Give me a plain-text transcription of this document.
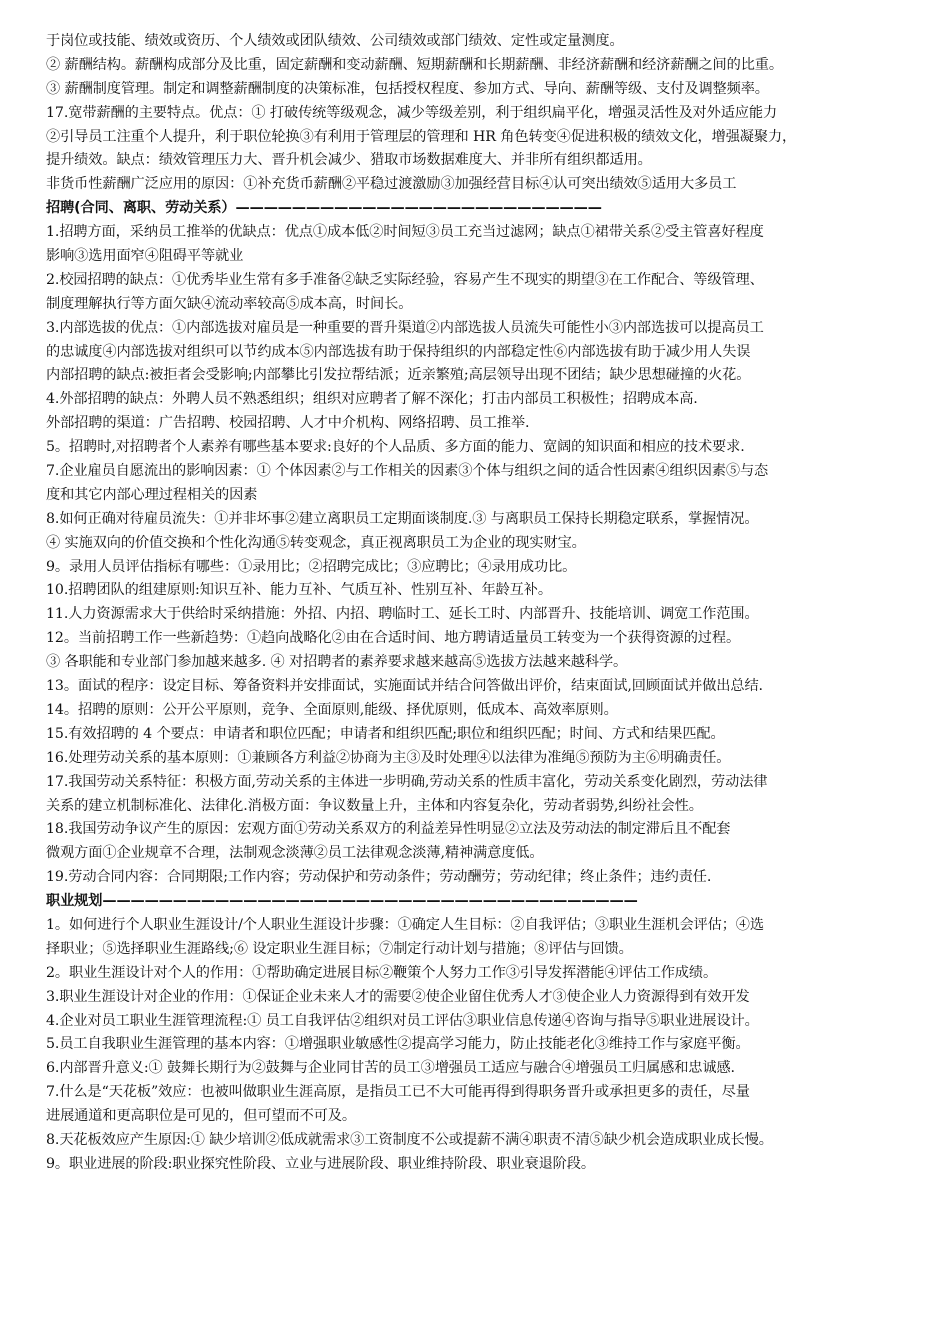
于岗位或技能、绩效或资历、个人绩效或团队绩效、公司绩效或部门绩效、定性或定量测度。
② 薪酬结构。薪酬构成部分及比重，固定薪酬和变动薪酬、短期薪酬和长期薪酬、非经济薪酬和经济薪酬之间的比重。
③ 薪酬制度管理。制定和调整薪酬制度的决策标准，包括授权程度、参加方式、导向、薪酬等级、支付及调整频率。
17.宽带薪酬的主要特点。优点：① 打破传统等级观念，减少等级差别，利于组织扁平化，增强灵活性及对外适应能力
②引导员工注重个人提升，利于职位轮换③有利用于管理层的管理和 HR 角色转变④促进积极的绩效文化，增强凝聚力，
提升绩效。缺点：绩效管理压力大、晋升机会减少、猎取市场数据难度大、并非所有组织都适用。
非货币性薪酬广泛应用的原因：①补充货币薪酬②平稳过渡激励③加强经营目标④认可突出绩效⑤适用大多员工
招聘(合同、离职、劳动关系）——————————————————————————
1.招聘方面，采纳员工推举的优缺点：优点①成本低②时间短③员工充当过滤网；缺点①裙带关系②受主管喜好程度
影响③选用面窄④阻碍平等就业
2.校园招聘的缺点：①优秀毕业生常有多手准备②缺乏实际经验，容易产生不现实的期望③在工作配合、等级管理、
制度理解执行等方面欠缺④流动率较高⑤成本高，时间长。
3.内部选拔的优点：①内部选拔对雇员是一种重要的晋升渠道②内部选拔人员流失可能性小③内部选拔可以提高员工
的忠诚度④内部选拔对组织可以节约成本⑤内部选拔有助于保持组织的内部稳定性⑥内部选拔有助于减少用人失误
内部招聘的缺点:被拒者会受影响;内部攀比引发拉帮结派；近亲繁殖;高层领导出现不团结；缺少思想碰撞的火花。
4.外部招聘的缺点：外聘人员不熟悉组织；组织对应聘者了解不深化；打击内部员工积极性；招聘成本高.
外部招聘的渠道：广告招聘、校园招聘、人才中介机构、网络招聘、员工推举.
5。招聘时,对招聘者个人素养有哪些基本要求:良好的个人品质、多方面的能力、宽阔的知识面和相应的技术要求.
7.企业雇员自愿流出的影响因素：① 个体因素②与工作相关的因素③个体与组织之间的适合性因素④组织因素⑤与态
度和其它内部心理过程相关的因素
8.如何正确对待雇员流失：①并非坏事②建立离职员工定期面谈制度.③ 与离职员工保持长期稳定联系，掌握情况。
④ 实施双向的价值交换和个性化沟通⑤转变观念，真正视离职员工为企业的现实财宝。
9。录用人员评估指标有哪些：①录用比；②招聘完成比；③应聘比；④录用成功比。
10.招聘团队的组建原则:知识互补、能力互补、气质互补、性别互补、年龄互补。
11.人力资源需求大于供给时采纳措施：外招、内招、聘临时工、延长工时、内部晋升、技能培训、调宽工作范围。
12。当前招聘工作一些新趋势：①趋向战略化②由在合适时间、地方聘请适量员工转变为一个获得资源的过程。
③ 各职能和专业部门参加越来越多. ④ 对招聘者的素养要求越来越高⑤选拔方法越来越科学。
13。面试的程序：设定目标、筹备资料并安排面试，实施面试并结合问答做出评价，结束面试,回顾面试并做出总结.
14。招聘的原则：公开公平原则，竞争、全面原则,能级、择优原则，低成本、高效率原则。
15.有效招聘的 4 个要点：申请者和职位匹配；申请者和组织匹配;职位和组织匹配；时间、方式和结果匹配。
16.处理劳动关系的基本原则：①兼顾各方利益②协商为主③及时处理④以法律为准绳⑤预防为主⑥明确责任。
17.我国劳动关系特征：积极方面,劳动关系的主体进一步明确,劳动关系的性质丰富化，劳动关系变化剧烈，劳动法律
关系的建立机制标准化、法律化.消极方面：争议数量上升，主体和内容复杂化，劳动者弱势,纠纷社会性。
18.我国劳动争议产生的原因：宏观方面①劳动关系双方的利益差异性明显②立法及劳动法的制定滞后且不配套
微观方面①企业规章不合理，法制观念淡薄②员工法律观念淡薄,精神满意度低。
19.劳动合同内容：合同期限;工作内容；劳动保护和劳动条件；劳动酬劳；劳动纪律；终止条件；违约责任.
职业规划——————————————————————————————————————
1。如何进行个人职业生涯设计/个人职业生涯设计步骤：①确定人生目标：②自我评估；③职业生涯机会评估；④选
择职业；⑤选择职业生涯路线;⑥ 设定职业生涯目标；⑦制定行动计划与措施；⑧评估与回馈。
2。职业生涯设计对个人的作用：①帮助确定进展目标②鞭策个人努力工作③引导发挥潜能④评估工作成绩。
3.职业生涯设计对企业的作用：①保证企业未来人才的需要②使企业留住优秀人才③使企业人力资源得到有效开发
4.企业对员工职业生涯管理流程:① 员工自我评估②组织对员工评估③职业信息传递④咨询与指导⑤职业进展设计。
5.员工自我职业生涯管理的基本内容：①增强职业敏感性②提高学习能力，防止技能老化③维持工作与家庭平衡。
6.内部晋升意义:① 鼓舞长期行为②鼓舞与企业同甘苦的员工③增强员工适应与融合④增强员工归属感和忠诚感.
7.什么是“天花板”效应：也被叫做职业生涯高原，是指员工已不大可能再得到得职务晋升或承担更多的责任，尽量
进展通道和更高职位是可见的，但可望而不可及。
8.天花板效应产生原因:① 缺少培训②低成就需求③工资制度不公或提薪不满④职责不清⑤缺少机会造成职业成长慢。
9。职业进展的阶段:职业探究性阶段、立业与进展阶段、职业维持阶段、职业衰退阶段。
